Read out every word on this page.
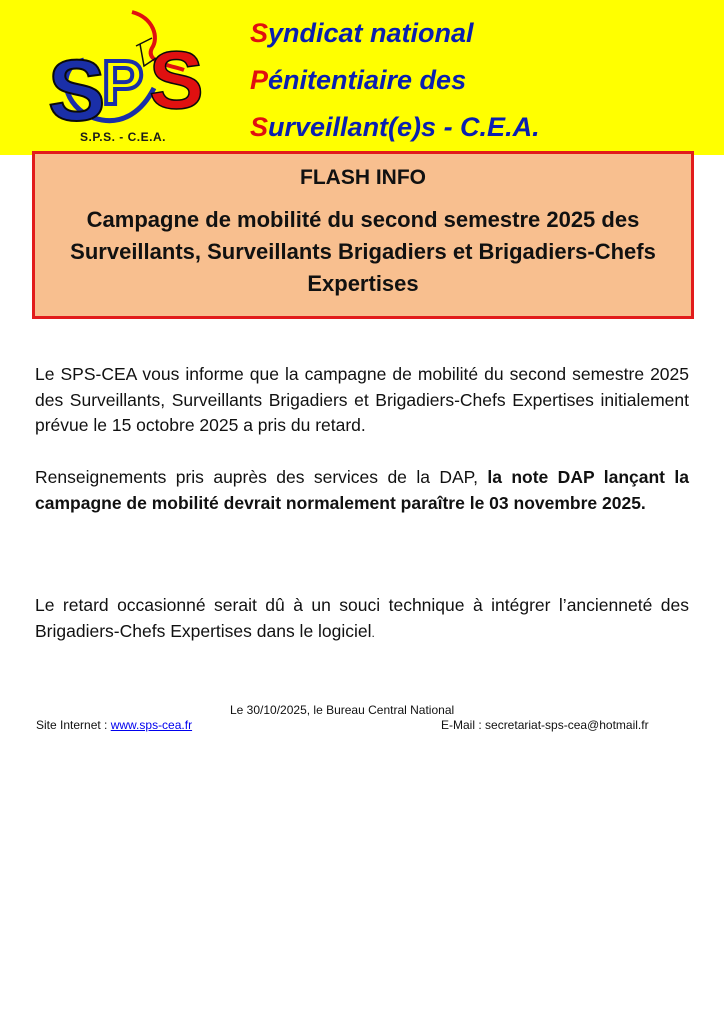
S
P S
S.P.S. - C.E.A.
Syndicat national
Pénitentiaire des
Surveillant(e)s - C.E.A.
FLASH INFO
Campagne de mobilité du second semestre 2025 des Surveillants, Surveillants Brigadiers et Brigadiers-Chefs Expertises
Le SPS-CEA vous informe que la campagne de mobilité du second semestre 2025 des Surveillants, Surveillants Brigadiers et Brigadiers-Chefs Expertises initialement prévue le 15 octobre 2025 a pris du retard.
Renseignements pris auprès des services de la DAP, la note DAP lançant la campagne de mobilité devrait normalement paraître le 03 novembre 2025.
Le retard occasionné serait dû à un souci technique à intégrer l’ancienneté des Brigadiers-Chefs Expertises dans le logiciel.
Le 30/10/2025, le Bureau Central National
Site Internet : www.sps-cea.fr	E-Mail : secretariat-sps-cea@hotmail.fr
